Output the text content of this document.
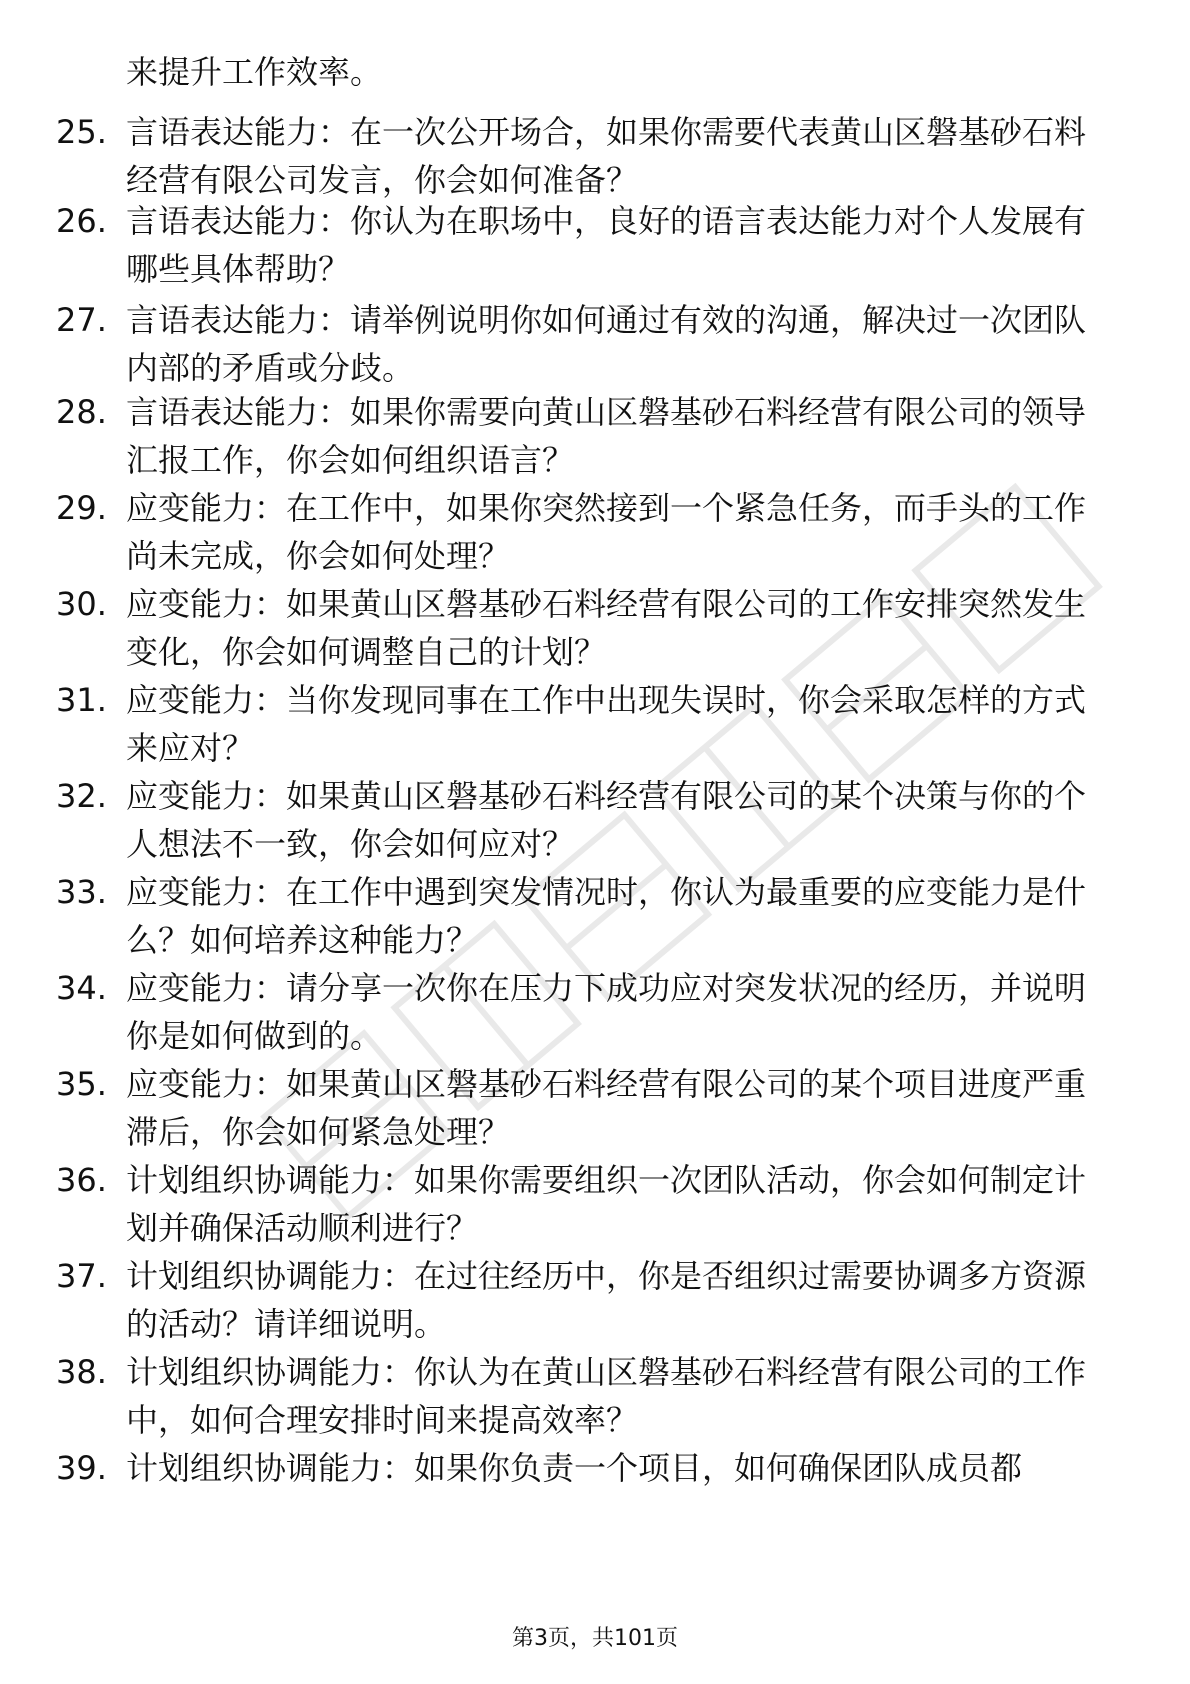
来提升工作效率。
25. 言语表达能力：在一次公开场合，如果你需要代表黄山区磐基砂石料经营有限公司发言，你会如何准备？
26. 言语表达能力：你认为在职场中，良好的语言表达能力对个人发展有哪些具体帮助？
27. 言语表达能力：请举例说明你如何通过有效的沟通，解决过一次团队内部的矛盾或分歧。
28. 言语表达能力：如果你需要向黄山区磐基砂石料经营有限公司的领导汇报工作，你会如何组织语言？
29. 应变能力：在工作中，如果你突然接到一个紧急任务，而手头的工作尚未完成，你会如何处理？
30. 应变能力：如果黄山区磐基砂石料经营有限公司的工作安排突然发生变化，你会如何调整自己的计划？
31. 应变能力：当你发现同事在工作中出现失误时，你会采取怎样的方式来应对？
32. 应变能力：如果黄山区磐基砂石料经营有限公司的某个决策与你的个人想法不一致，你会如何应对？
33. 应变能力：在工作中遇到突发情况时，你认为最重要的应变能力是什么？如何培养这种能力？
34. 应变能力：请分享一次你在压力下成功应对突发状况的经历，并说明你是如何做到的。
35. 应变能力：如果黄山区磐基砂石料经营有限公司的某个项目进度严重滞后，你会如何紧急处理？
36. 计划组织协调能力：如果你需要组织一次团队活动，你会如何制定计划并确保活动顺利进行？
37. 计划组织协调能力：在过往经历中，你是否组织过需要协调多方资源的活动？请详细说明。
38. 计划组织协调能力：你认为在黄山区磐基砂石料经营有限公司的工作中，如何合理安排时间来提高效率？
39. 计划组织协调能力：如果你负责一个项目，如何确保团队成员都
第3页，共101页
